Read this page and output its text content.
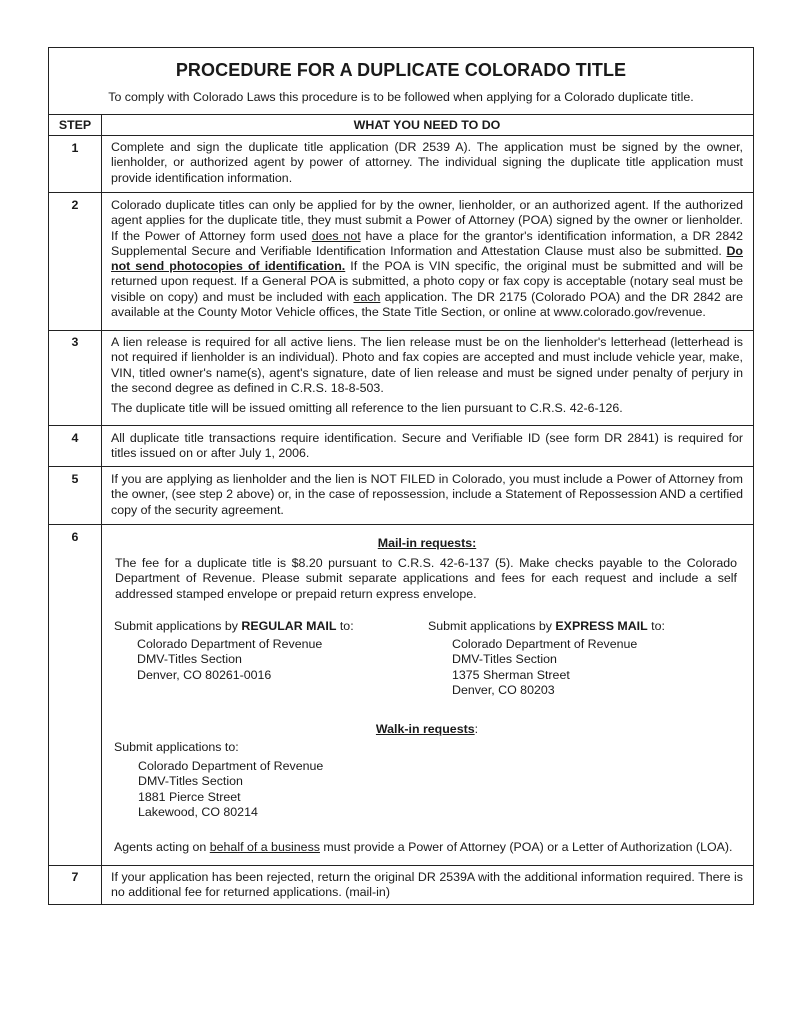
PROCEDURE FOR A DUPLICATE COLORADO TITLE
To comply with Colorado Laws this procedure is to be followed when applying for a Colorado duplicate title.
STEP	WHAT YOU NEED TO DO
1	Complete and sign the duplicate title application (DR 2539 A). The application must be signed by the owner, lienholder, or authorized agent by power of attorney. The individual signing the duplicate title application must provide identification information.
2	Colorado duplicate titles can only be applied for by the owner, lienholder, or an authorized agent. If the authorized agent applies for the duplicate title, they must submit a Power of Attorney (POA) signed by the owner or lienholder. If the Power of Attorney form used does not have a place for the grantor's identification information, a DR 2842 Supplemental Secure and Verifiable Identification Information and Attestation Clause must also be submitted. Do not send photocopies of identification. If the POA is VIN specific, the original must be submitted and will be returned upon request. If a General POA is submitted, a photo copy or fax copy is acceptable (notary seal must be visible on copy) and must be included with each application. The DR 2175 (Colorado POA) and the DR 2842 are available at the County Motor Vehicle offices, the State Title Section, or online at www.colorado.gov/revenue.
3	A lien release is required for all active liens. The lien release must be on the lienholder's letterhead (letterhead is not required if lienholder is an individual). Photo and fax copies are accepted and must include vehicle year, make, VIN, titled owner's name(s), agent's signature, date of lien release and must be signed under penalty of perjury in the second degree as defined in C.R.S. 18-8-503.

The duplicate title will be issued omitting all reference to the lien pursuant to C.R.S. 42-6-126.

4	All duplicate title transactions require identification. Secure and Verifiable ID (see form DR 2841) is required for titles issued on or after July 1, 2006.
5	If you are applying as lienholder and the lien is NOT FILED in Colorado, you must include a Power of Attorney from the owner, (see step 2 above) or, in the case of repossession, include a Statement of Repossession AND a certified copy of the security agreement.
6	Mail-in requests:
The fee for a duplicate title is $8.20 pursuant to C.R.S. 42-6-137 (5). Make checks payable to the Colorado Department of Revenue. Please submit separate applications and fees for each request and include a self addressed stamped envelope or prepaid return express envelope.
Submit applications by REGULAR MAIL to:
Colorado Department of Revenue
DMV-Titles Section
Denver, CO 80261-0016
Submit applications by EXPRESS MAIL to:
Colorado Department of Revenue
DMV-Titles Section
1375 Sherman Street
Denver, CO 80203
Walk-in requests:
Submit applications to:
Colorado Department of Revenue
DMV-Titles Section
1881 Pierce Street
Lakewood, CO 80214
Agents acting on behalf of a business must provide a Power of Attorney (POA) or a Letter of Authorization (LOA).
7	If your application has been rejected, return the original DR 2539A with the additional information required. There is no additional fee for returned applications. (mail-in)
